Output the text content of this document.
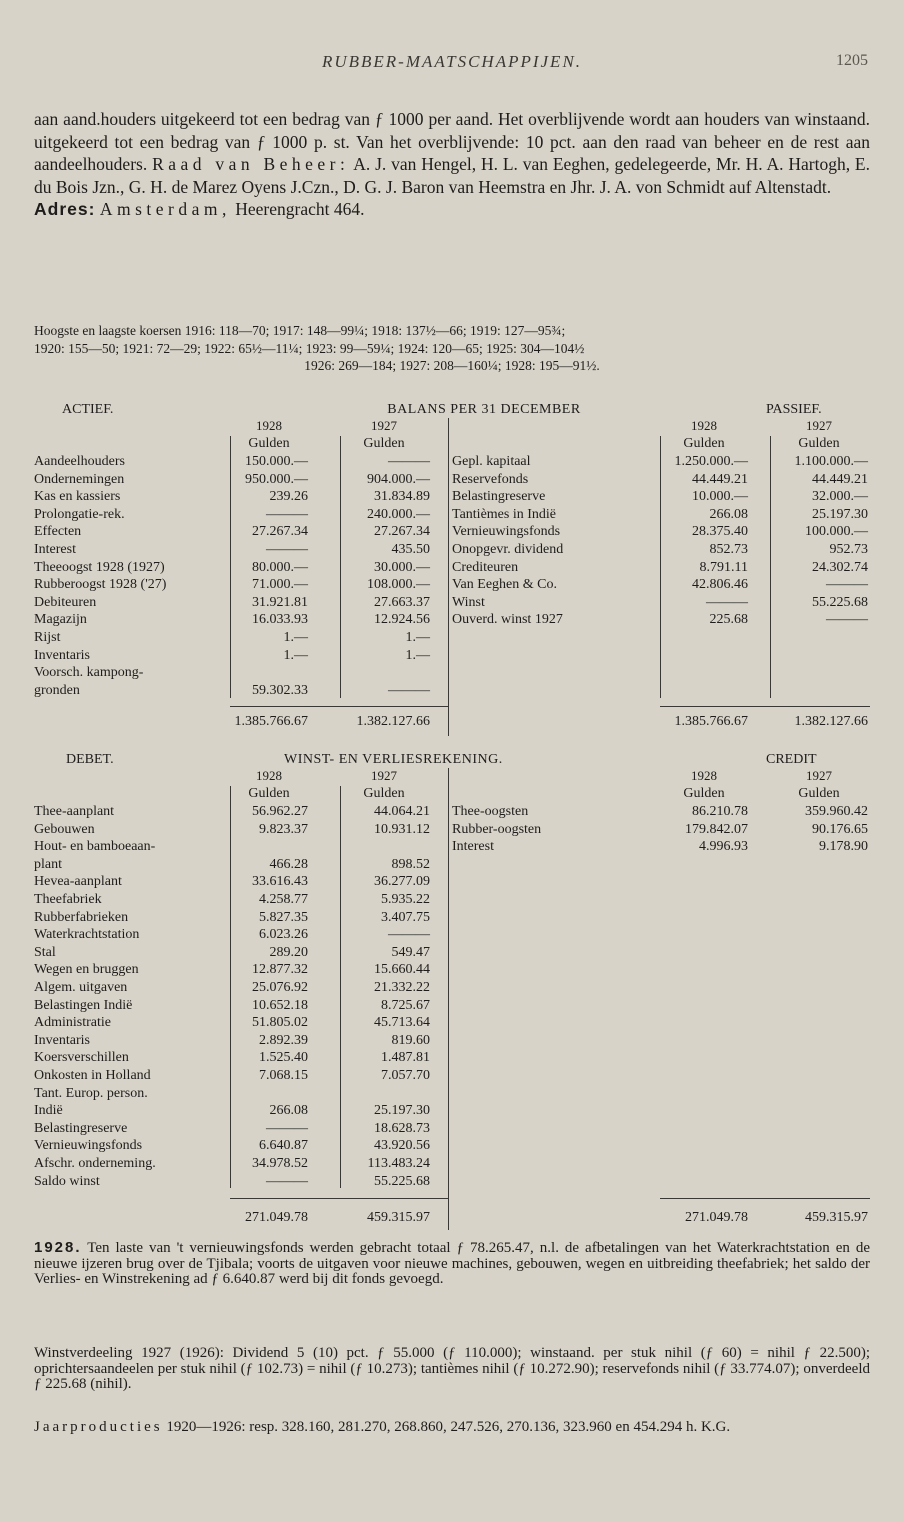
RUBBER-MAATSCHAPPIJEN.	1205

aan aand.houders uitgekeerd tot een bedrag van ƒ 1000 per aand. Het overblijvende wordt aan houders van winstaand. uitgekeerd tot een bedrag van ƒ 1000 p. st. Van het overblijvende: 10 pct. aan den raad van beheer en de rest aan aandeelhouders. Raad van Beheer: A. J. van Hengel, H. L. van Eeghen, gedelegeerde, Mr. H. A. Hartogh, E. du Bois Jzn., G. H. de Marez Oyens J.Czn., D. G. J. Baron van Heemstra en Jhr. J. A. von Schmidt auf Altenstadt.

Adres: Amsterdam, Heerengracht 464.

Hoogste en laagste koersen 1916: 118—70; 1917: 148—99¼; 1918: 137½—66; 1919: 127—95¾;
1920: 155—50; 1921: 72—29; 1922: 65½—11¼; 1923: 99—59¼; 1924: 120—65; 1925: 304—104½
1926: 269—184; 1927: 208—160¼; 1928: 195—91½.
ACTIEF.	BALANS PER 31 DECEMBER	PASSIEF.
1928	1927	1928	1927
Gulden	Gulden	Gulden	Gulden
Aandeelhouders	150.000.—	———
Ondernemingen	950.000.—	904.000.—
Kas en kassiers	239.26	31.834.89
Prolongatie-rek.	———	240.000.—
Effecten	27.267.34	27.267.34
Interest	———	435.50
Theeoogst 1928 (1927)	80.000.—	30.000.—
Rubberoogst 1928 ('27)	71.000.—	108.000.—
Debiteuren	31.921.81	27.663.37
Magazijn	16.033.93	12.924.56
Rijst	1.—	1.—
Inventaris	1.—	1.—
Voorsch. kampong-
gronden	59.302.33	———
Gepl. kapitaal	1.250.000.—	1.100.000.—
Reservefonds	44.449.21	44.449.21
Belastingreserve	10.000.—	32.000.—
Tantièmes in Indië	266.08	25.197.30
Vernieuwingsfonds	28.375.40	100.000.—
Onopgevr. dividend	852.73	952.73
Crediteuren	8.791.11	24.302.74
Van Eeghen & Co.	42.806.46	———
Winst	———	55.225.68
Ouverd. winst 1927	225.68	———
1.385.766.67	1.382.127.66	1.385.766.67	1.382.127.66
DEBET.	WINST- EN VERLIESREKENING.	CREDIT
1928	1927	1928	1927
Gulden	Gulden	Gulden	Gulden
Thee-aanplant	56.962.27	44.064.21
Gebouwen	9.823.37	10.931.12
Hout- en bamboeaan-
plant	466.28	898.52
Hevea-aanplant	33.616.43	36.277.09
Theefabriek	4.258.77	5.935.22
Rubberfabrieken	5.827.35	3.407.75
Waterkrachtstation	6.023.26	———
Stal	289.20	549.47
Wegen en bruggen	12.877.32	15.660.44
Algem. uitgaven	25.076.92	21.332.22
Belastingen Indië	10.652.18	8.725.67
Administratie	51.805.02	45.713.64
Inventaris	2.892.39	819.60
Koersverschillen	1.525.40	1.487.81
Onkosten in Holland	7.068.15	7.057.70
Tant. Europ. person.
Indië	266.08	25.197.30
Belastingreserve	———	18.628.73
Vernieuwingsfonds	6.640.87	43.920.56
Afschr. onderneming.	34.978.52	113.483.24
Saldo winst	———	55.225.68
Thee-oogsten	86.210.78	359.960.42
Rubber-oogsten	179.842.07	90.176.65
Interest	4.996.93	9.178.90
271.049.78	459.315.97	271.049.78	459.315.97

1928. Ten laste van 't vernieuwingsfonds werden gebracht totaal ƒ 78.265.47, n.l. de afbetalingen van het Waterkrachtstation en de nieuwe ijzeren brug over de Tjibala; voorts de uitgaven voor nieuwe machines, gebouwen, wegen en uitbreiding theefabriek; het saldo der Verlies- en Winstrekening ad ƒ 6.640.87 werd bij dit fonds gevoegd.

Winstverdeeling 1927 (1926): Dividend 5 (10) pct. ƒ 55.000 (ƒ 110.000); winstaand. per stuk nihil (ƒ 60) = nihil ƒ 22.500); oprichtersaandeelen per stuk nihil (ƒ 102.73) = nihil (ƒ 10.273); tantièmes nihil (ƒ 10.272.90); reservefonds nihil (ƒ 33.774.07); onverdeeld ƒ 225.68 (nihil).

Jaarproducties 1920—1926: resp. 328.160, 281.270, 268.860, 247.526, 270.136, 323.960 en 454.294 h. K.G.
